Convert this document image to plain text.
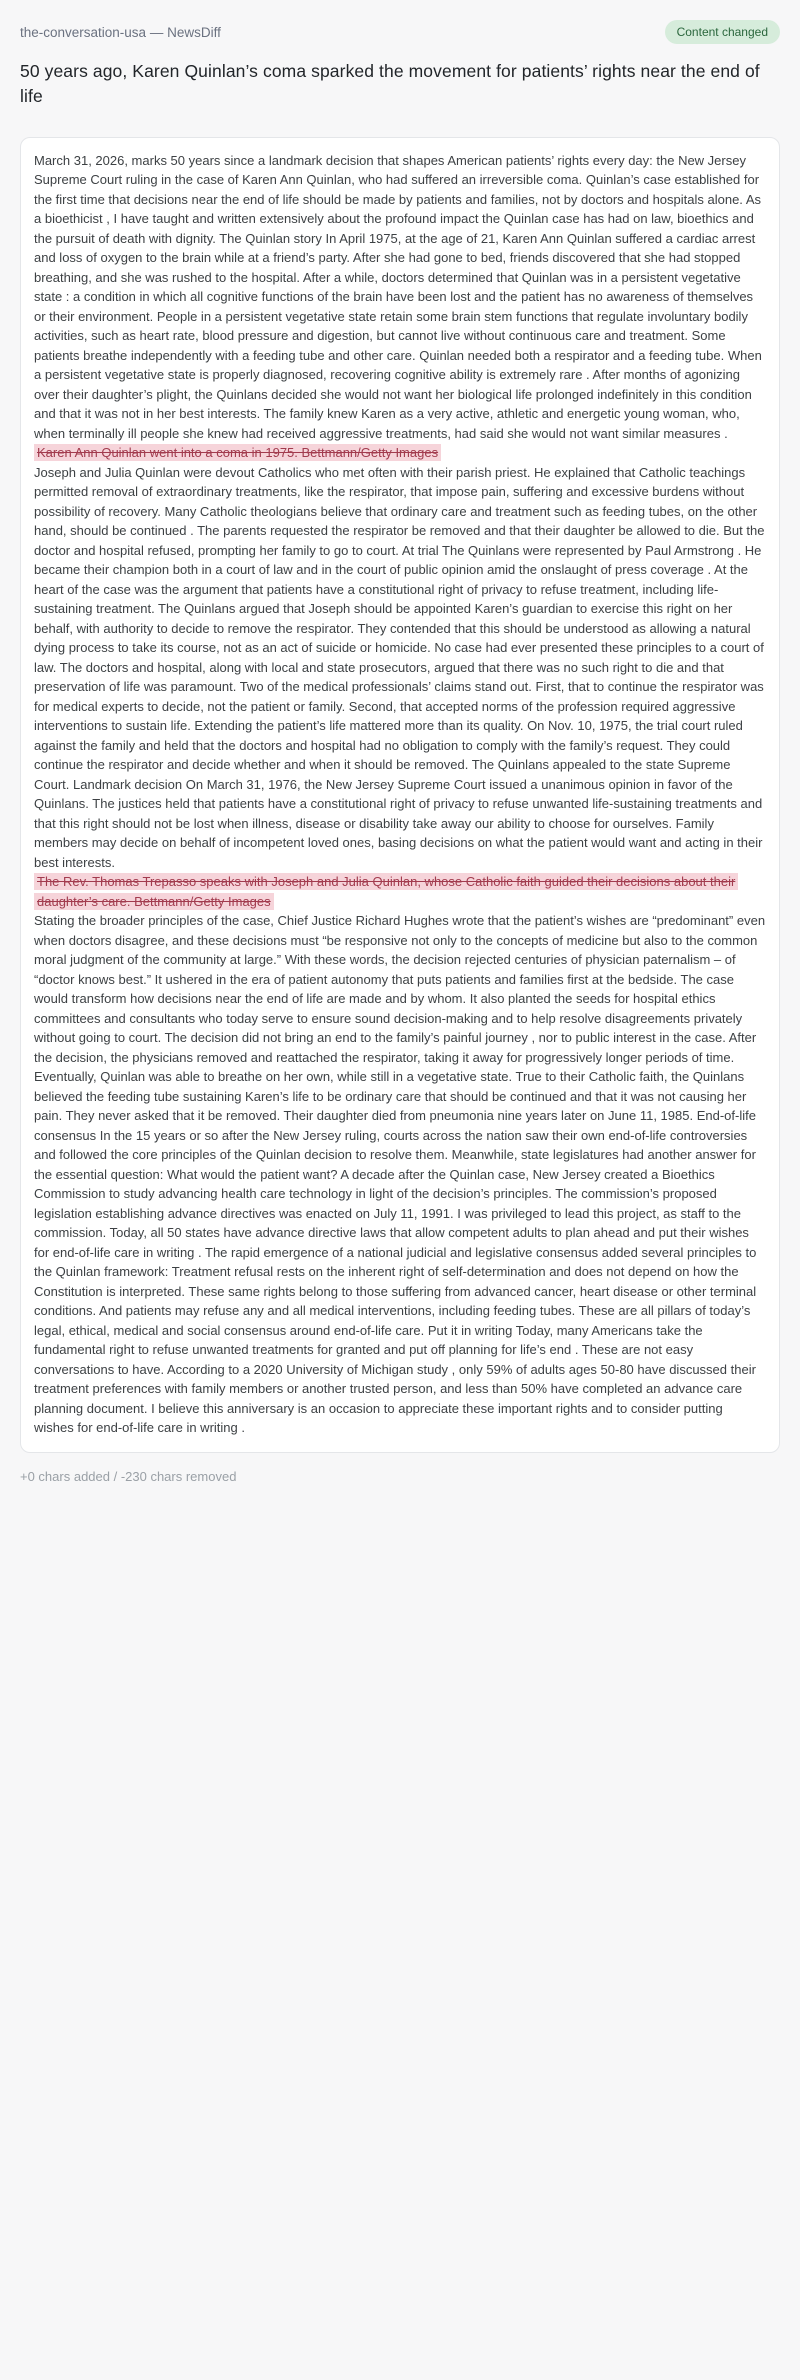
the-conversation-usa — NewsDiff	Content changed
50 years ago, Karen Quinlan’s coma sparked the movement for patients’ rights near the end of life
March 31, 2026, marks 50 years since a landmark decision that shapes American patients’ rights every day: the New Jersey Supreme Court ruling in the case of Karen Ann Quinlan, who had suffered an irreversible coma. Quinlan’s case established for the first time that decisions near the end of life should be made by patients and families, not by doctors and hospitals alone. As a bioethicist , I have taught and written extensively about the profound impact the Quinlan case has had on law, bioethics and the pursuit of death with dignity. The Quinlan story In April 1975, at the age of 21, Karen Ann Quinlan suffered a cardiac arrest and loss of oxygen to the brain while at a friend’s party. After she had gone to bed, friends discovered that she had stopped breathing, and she was rushed to the hospital. After a while, doctors determined that Quinlan was in a persistent vegetative state : a condition in which all cognitive functions of the brain have been lost and the patient has no awareness of themselves or their environment. People in a persistent vegetative state retain some brain stem functions that regulate involuntary bodily activities, such as heart rate, blood pressure and digestion, but cannot live without continuous care and treatment. Some patients breathe independently with a feeding tube and other care. Quinlan needed both a respirator and a feeding tube. When a persistent vegetative state is properly diagnosed, recovering cognitive ability is extremely rare . After months of agonizing over their daughter’s plight, the Quinlans decided she would not want her biological life prolonged indefinitely in this condition and that it was not in her best interests. The family knew Karen as a very active, athletic and energetic young woman, who, when terminally ill people she knew had received aggressive treatments, had said she would not want similar measures .
Karen Ann Quinlan went into a coma in 1975. Bettmann/Getty Images
Joseph and Julia Quinlan were devout Catholics who met often with their parish priest. He explained that Catholic teachings permitted removal of extraordinary treatments, like the respirator, that impose pain, suffering and excessive burdens without possibility of recovery. Many Catholic theologians believe that ordinary care and treatment such as feeding tubes, on the other hand, should be continued . The parents requested the respirator be removed and that their daughter be allowed to die. But the doctor and hospital refused, prompting her family to go to court. At trial The Quinlans were represented by Paul Armstrong . He became their champion both in a court of law and in the court of public opinion amid the onslaught of press coverage . At the heart of the case was the argument that patients have a constitutional right of privacy to refuse treatment, including life-sustaining treatment. The Quinlans argued that Joseph should be appointed Karen’s guardian to exercise this right on her behalf, with authority to decide to remove the respirator. They contended that this should be understood as allowing a natural dying process to take its course, not as an act of suicide or homicide. No case had ever presented these principles to a court of law. The doctors and hospital, along with local and state prosecutors, argued that there was no such right to die and that preservation of life was paramount. Two of the medical professionals’ claims stand out. First, that to continue the respirator was for medical experts to decide, not the patient or family. Second, that accepted norms of the profession required aggressive interventions to sustain life. Extending the patient’s life mattered more than its quality. On Nov. 10, 1975, the trial court ruled against the family and held that the doctors and hospital had no obligation to comply with the family’s request. They could continue the respirator and decide whether and when it should be removed. The Quinlans appealed to the state Supreme Court. Landmark decision On March 31, 1976, the New Jersey Supreme Court issued a unanimous opinion in favor of the Quinlans. The justices held that patients have a constitutional right of privacy to refuse unwanted life-sustaining treatments and that this right should not be lost when illness, disease or disability take away our ability to choose for ourselves. Family members may decide on behalf of incompetent loved ones, basing decisions on what the patient would want and acting in their best interests.
The Rev. Thomas Trepasso speaks with Joseph and Julia Quinlan, whose Catholic faith guided their decisions about their daughter’s care. Bettmann/Getty Images
Stating the broader principles of the case, Chief Justice Richard Hughes wrote that the patient’s wishes are “predominant” even when doctors disagree, and these decisions must “be responsive not only to the concepts of medicine but also to the common moral judgment of the community at large.” With these words, the decision rejected centuries of physician paternalism – of “doctor knows best.” It ushered in the era of patient autonomy that puts patients and families first at the bedside. The case would transform how decisions near the end of life are made and by whom. It also planted the seeds for hospital ethics committees and consultants who today serve to ensure sound decision-making and to help resolve disagreements privately without going to court. The decision did not bring an end to the family’s painful journey , nor to public interest in the case. After the decision, the physicians removed and reattached the respirator, taking it away for progressively longer periods of time. Eventually, Quinlan was able to breathe on her own, while still in a vegetative state. True to their Catholic faith, the Quinlans believed the feeding tube sustaining Karen’s life to be ordinary care that should be continued and that it was not causing her pain. They never asked that it be removed. Their daughter died from pneumonia nine years later on June 11, 1985. End-of-life consensus In the 15 years or so after the New Jersey ruling, courts across the nation saw their own end-of-life controversies and followed the core principles of the Quinlan decision to resolve them. Meanwhile, state legislatures had another answer for the essential question: What would the patient want? A decade after the Quinlan case, New Jersey created a Bioethics Commission to study advancing health care technology in light of the decision’s principles. The commission’s proposed legislation establishing advance directives was enacted on July 11, 1991. I was privileged to lead this project, as staff to the commission. Today, all 50 states have advance directive laws that allow competent adults to plan ahead and put their wishes for end-of-life care in writing . The rapid emergence of a national judicial and legislative consensus added several principles to the Quinlan framework: Treatment refusal rests on the inherent right of self-determination and does not depend on how the Constitution is interpreted. These same rights belong to those suffering from advanced cancer, heart disease or other terminal conditions. And patients may refuse any and all medical interventions, including feeding tubes. These are all pillars of today’s legal, ethical, medical and social consensus around end-of-life care. Put it in writing Today, many Americans take the fundamental right to refuse unwanted treatments for granted and put off planning for life’s end . These are not easy conversations to have. According to a 2020 University of Michigan study , only 59% of adults ages 50-80 have discussed their treatment preferences with family members or another trusted person, and less than 50% have completed an advance care planning document. I believe this anniversary is an occasion to appreciate these important rights and to consider putting wishes for end-of-life care in writing .
+0 chars added / -230 chars removed
